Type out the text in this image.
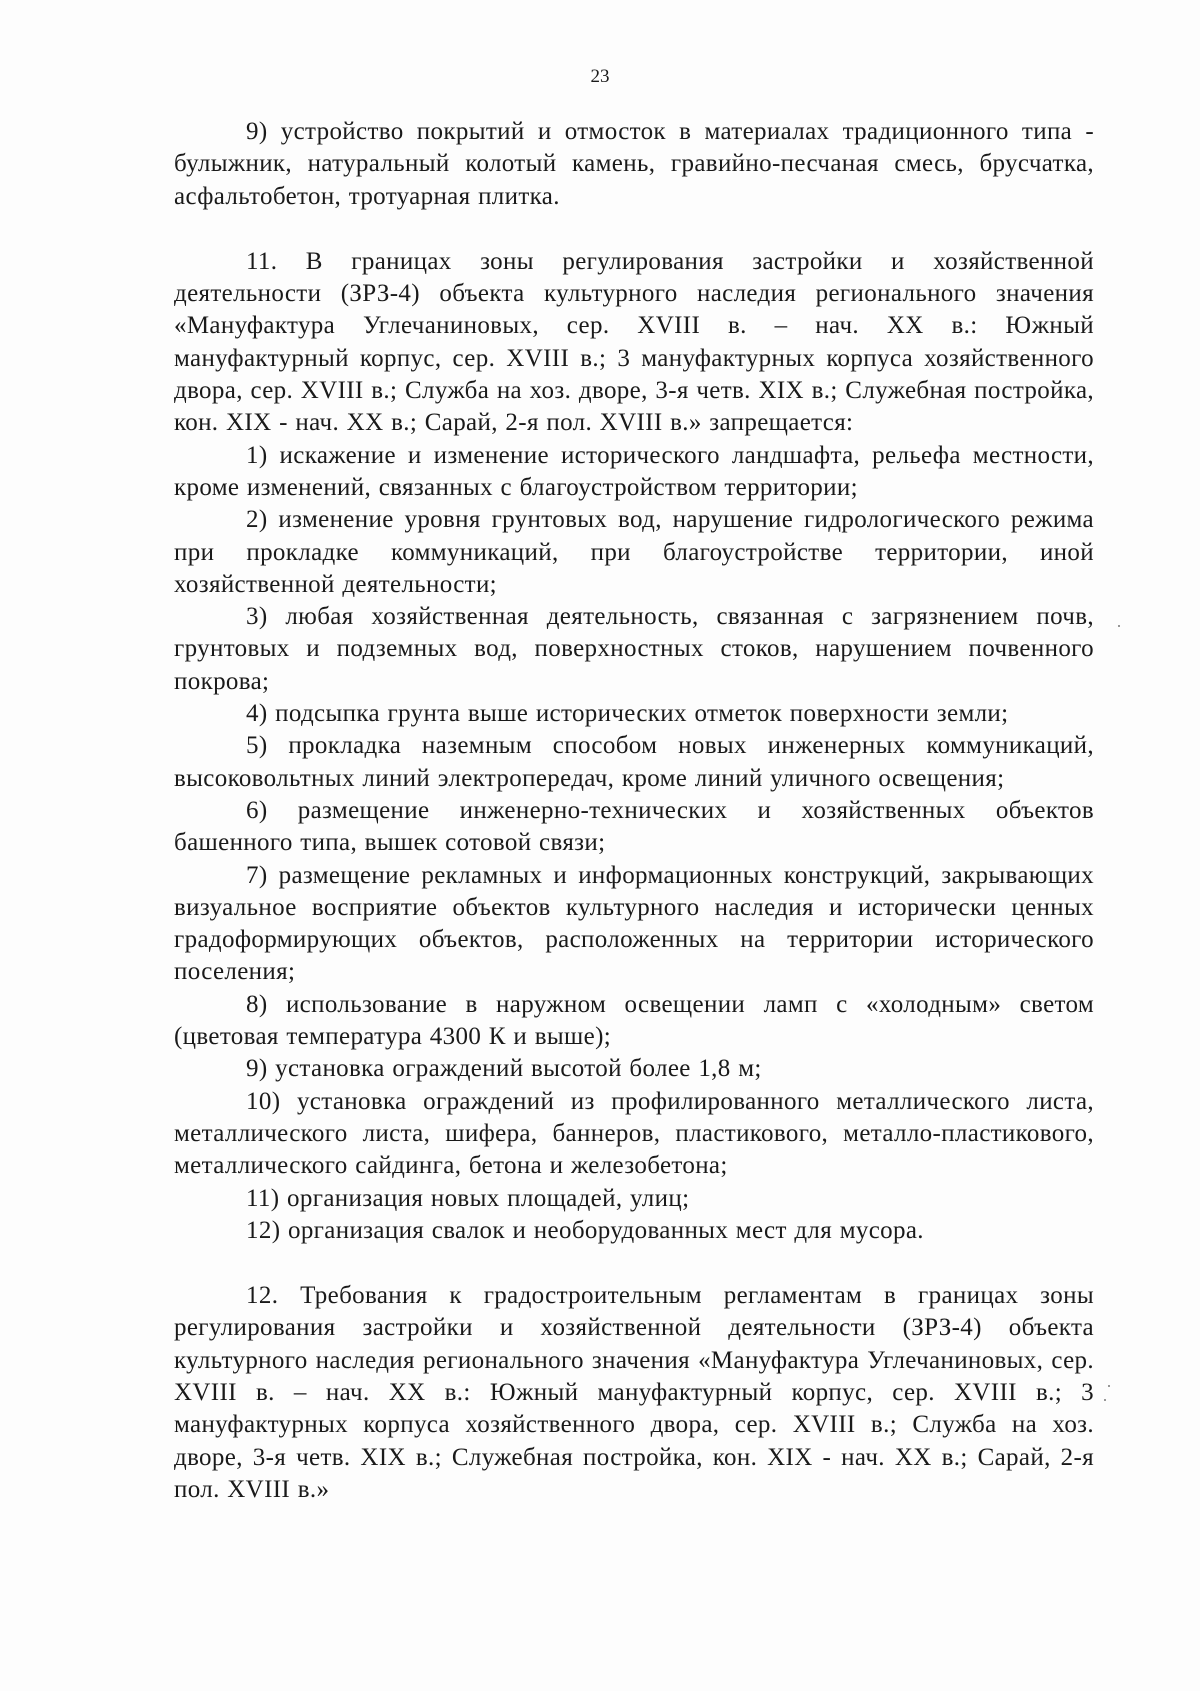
23

9) устройство покрытий и отмосток в материалах традиционного типа - булыжник, натуральный колотый камень, гравийно-песчаная смесь, брусчатка, асфальтобетон, тротуарная плитка.

11. В границах зоны регулирования застройки и хозяйственной деятельности (ЗРЗ-4) объекта культурного наследия регионального значения «Мануфактура Углечаниновых, сер. XVIII в. – нач. XX в.: Южный мануфактурный корпус, сер. XVIII в.; 3 мануфактурных корпуса хозяйственного двора, сер. XVIII в.; Служба на хоз. дворе, 3-я четв. XIX в.; Служебная постройка, кон. XIX - нач. XX в.; Сарай, 2-я пол. XVIII в.» запрещается:

1) искажение и изменение исторического ландшафта, рельефа местности, кроме изменений, связанных с благоустройством территории;

2) изменение уровня грунтовых вод, нарушение гидрологического режима при прокладке коммуникаций, при благоустройстве территории, иной хозяйственной деятельности;

3) любая хозяйственная деятельность, связанная с загрязнением почв, грунтовых и подземных вод, поверхностных стоков, нарушением почвенного покрова;

4) подсыпка грунта выше исторических отметок поверхности земли;

5) прокладка наземным способом новых инженерных коммуникаций, высоковольтных линий электропередач, кроме линий уличного освещения;

6) размещение инженерно-технических и хозяйственных объектов башенного типа, вышек сотовой связи;

7) размещение рекламных и информационных конструкций, закрывающих визуальное восприятие объектов культурного наследия и исторически ценных градоформирующих объектов, расположенных на территории исторического поселения;

8) использование в наружном освещении ламп с «холодным» светом (цветовая температура 4300 К и выше);

9) установка ограждений высотой более 1,8 м;

10) установка ограждений из профилированного металлического листа, металлического листа, шифера, баннеров, пластикового, металло-пластикового, металлического сайдинга, бетона и железобетона;

11) организация новых площадей, улиц;

12) организация свалок и необорудованных мест для мусора.

12. Требования к градостроительным регламентам в границах зоны регулирования застройки и хозяйственной деятельности (ЗРЗ-4) объекта культурного наследия регионального значения «Мануфактура Углечаниновых, сер. XVIII в. – нач. XX в.: Южный мануфактурный корпус, сер. XVIII в.; 3 мануфактурных корпуса хозяйственного двора, сер. XVIII в.; Служба на хоз. дворе, 3-я четв. XIX в.; Служебная постройка, кон. XIX - нач. XX в.; Сарай, 2-я пол. XVIII в.»
